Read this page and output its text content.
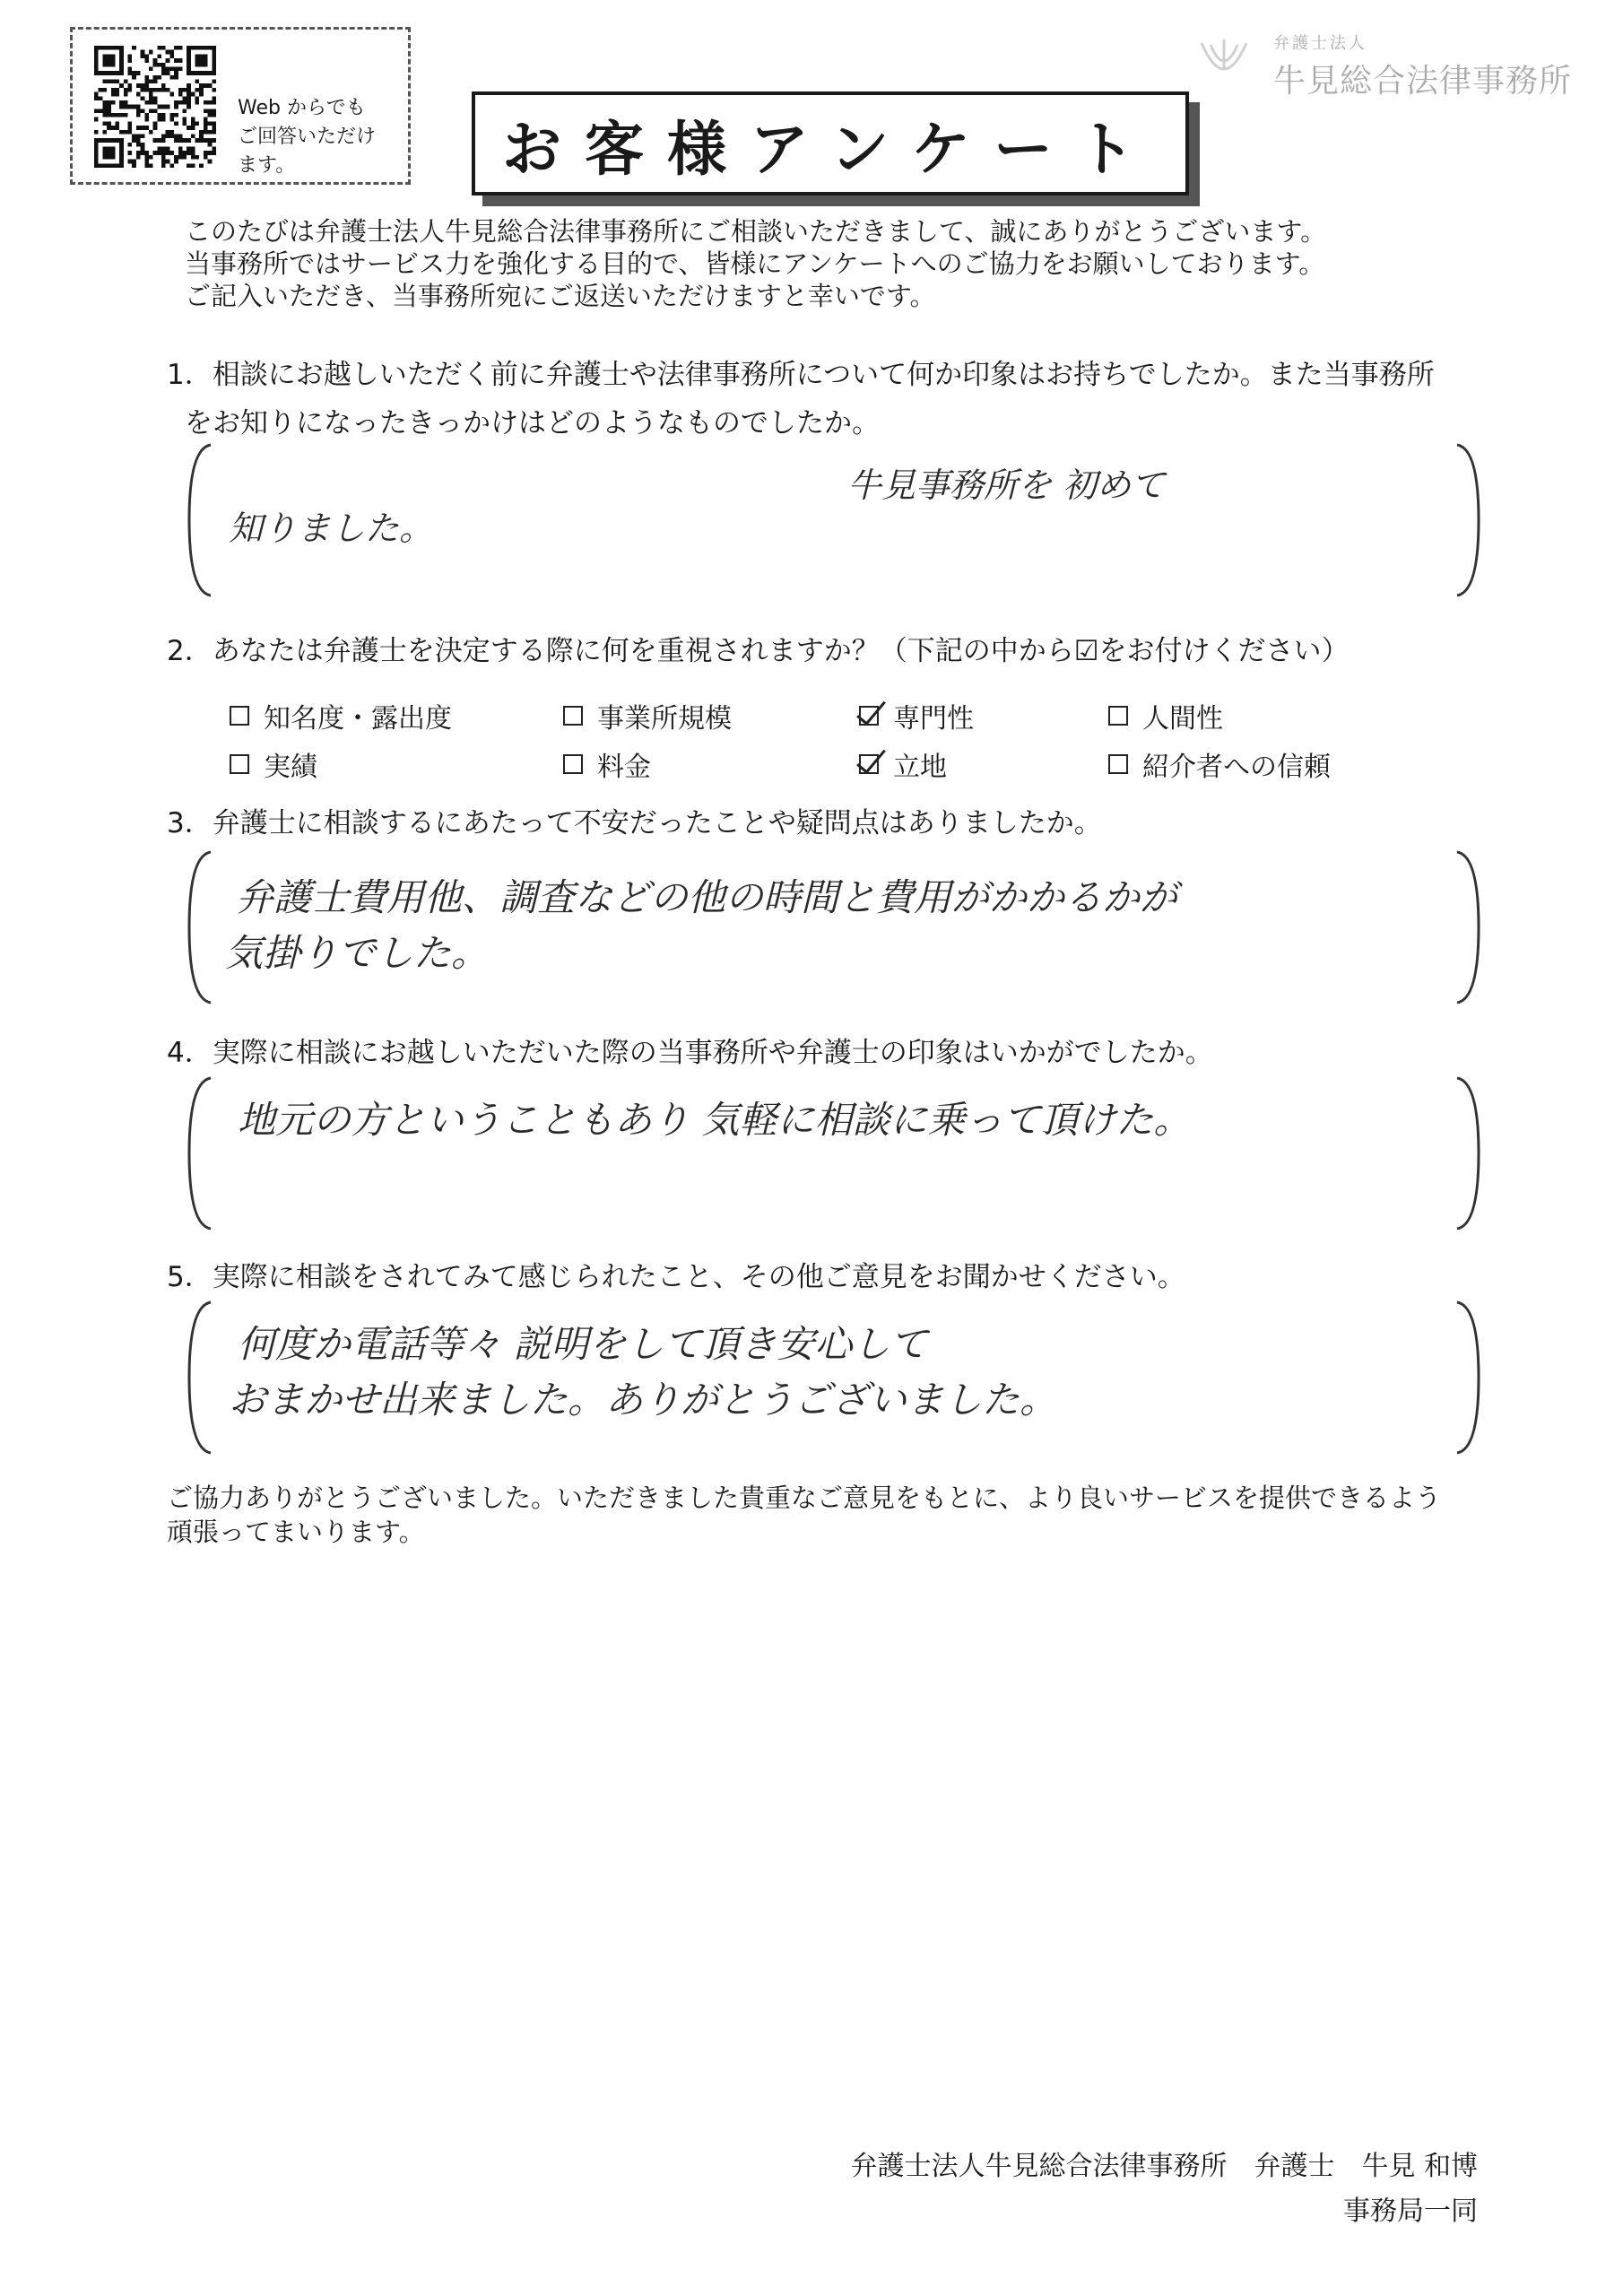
Web からでも
ご回答いただけ
ます。
弁護士法人
牛見総合法律事務所
お客様アンケート
このたびは弁護士法人牛見総合法律事務所にご相談いただきまして、誠にありがとうございます。
当事務所ではサービス力を強化する目的で、皆様にアンケートへのご協力をお願いしております。
ご記入いただき、当事務所宛にご返送いただけますと幸いです。
1．相談にお越しいただく前に弁護士や法律事務所について何か印象はお持ちでしたか。また当事務所
をお知りになったきっかけはどのようなものでしたか。
牛見事務所を 初めて
知りました。
2．あなたは弁護士を決定する際に何を重視されますか？（下記の中から☑をお付けください）
知名度・露出度	事業所規模	専門性	人間性
実績	料金	立地	紹介者への信頼
3．弁護士に相談するにあたって不安だったことや疑問点はありましたか。
弁護士費用他、調査などの他の時間と費用がかかるかが
気掛りでした。
4．実際に相談にお越しいただいた際の当事務所や弁護士の印象はいかがでしたか。
地元の方ということもあり 気軽に相談に乗って頂けた。
5．実際に相談をされてみて感じられたこと、その他ご意見をお聞かせください。
何度か電話等々 説明をして頂き安心して
おまかせ出来ました。ありがとうございました。
ご協力ありがとうございました。いただきました貴重なご意見をもとに、より良いサービスを提供できるよう
頑張ってまいります。
弁護士法人牛見総合法律事務所　弁護士　牛見 和博
事務局一同
